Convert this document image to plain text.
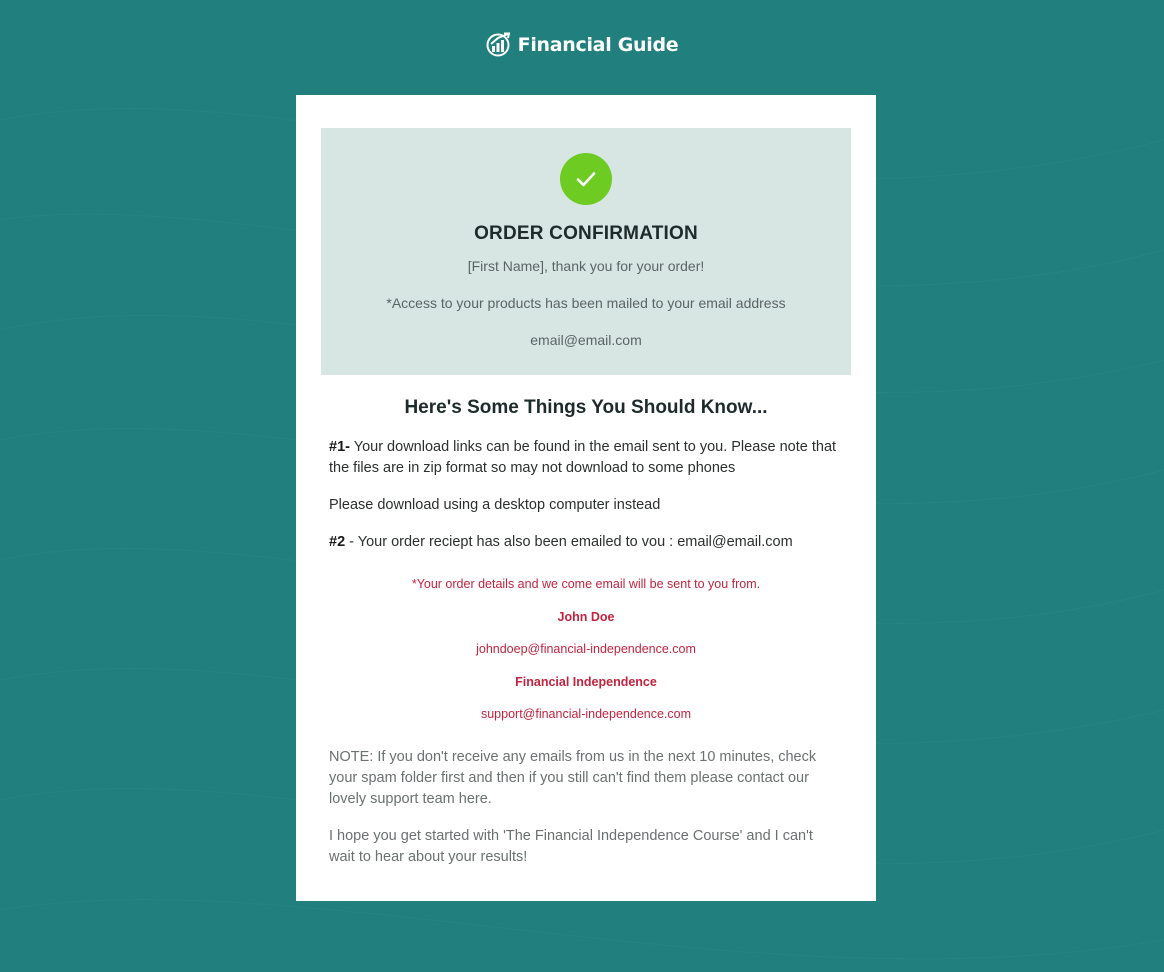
Financial Guide
ORDER CONFIRMATION
[First Name], thank you for your order!
*Access to your products has been mailed to your email address
email@email.com
Here's Some Things You Should Know...
#1- Your download links can be found in the email sent to you. Please note that the files are in zip format so may not download to some phones
Please download using a desktop computer instead
#2 - Your order reciept has also been emailed to vou : email@email.com
*Your order details and we come email will be sent to you from.
John Doe
johndoep@financial-independence.com
Financial Independence
support@financial-independence.com
NOTE: If you don't receive any emails from us in the next 10 minutes, check your spam folder first and then if you still can't find them please contact our lovely support team here.
I hope you get started with 'The Financial Independence Course' and I can't wait to hear about your results!
